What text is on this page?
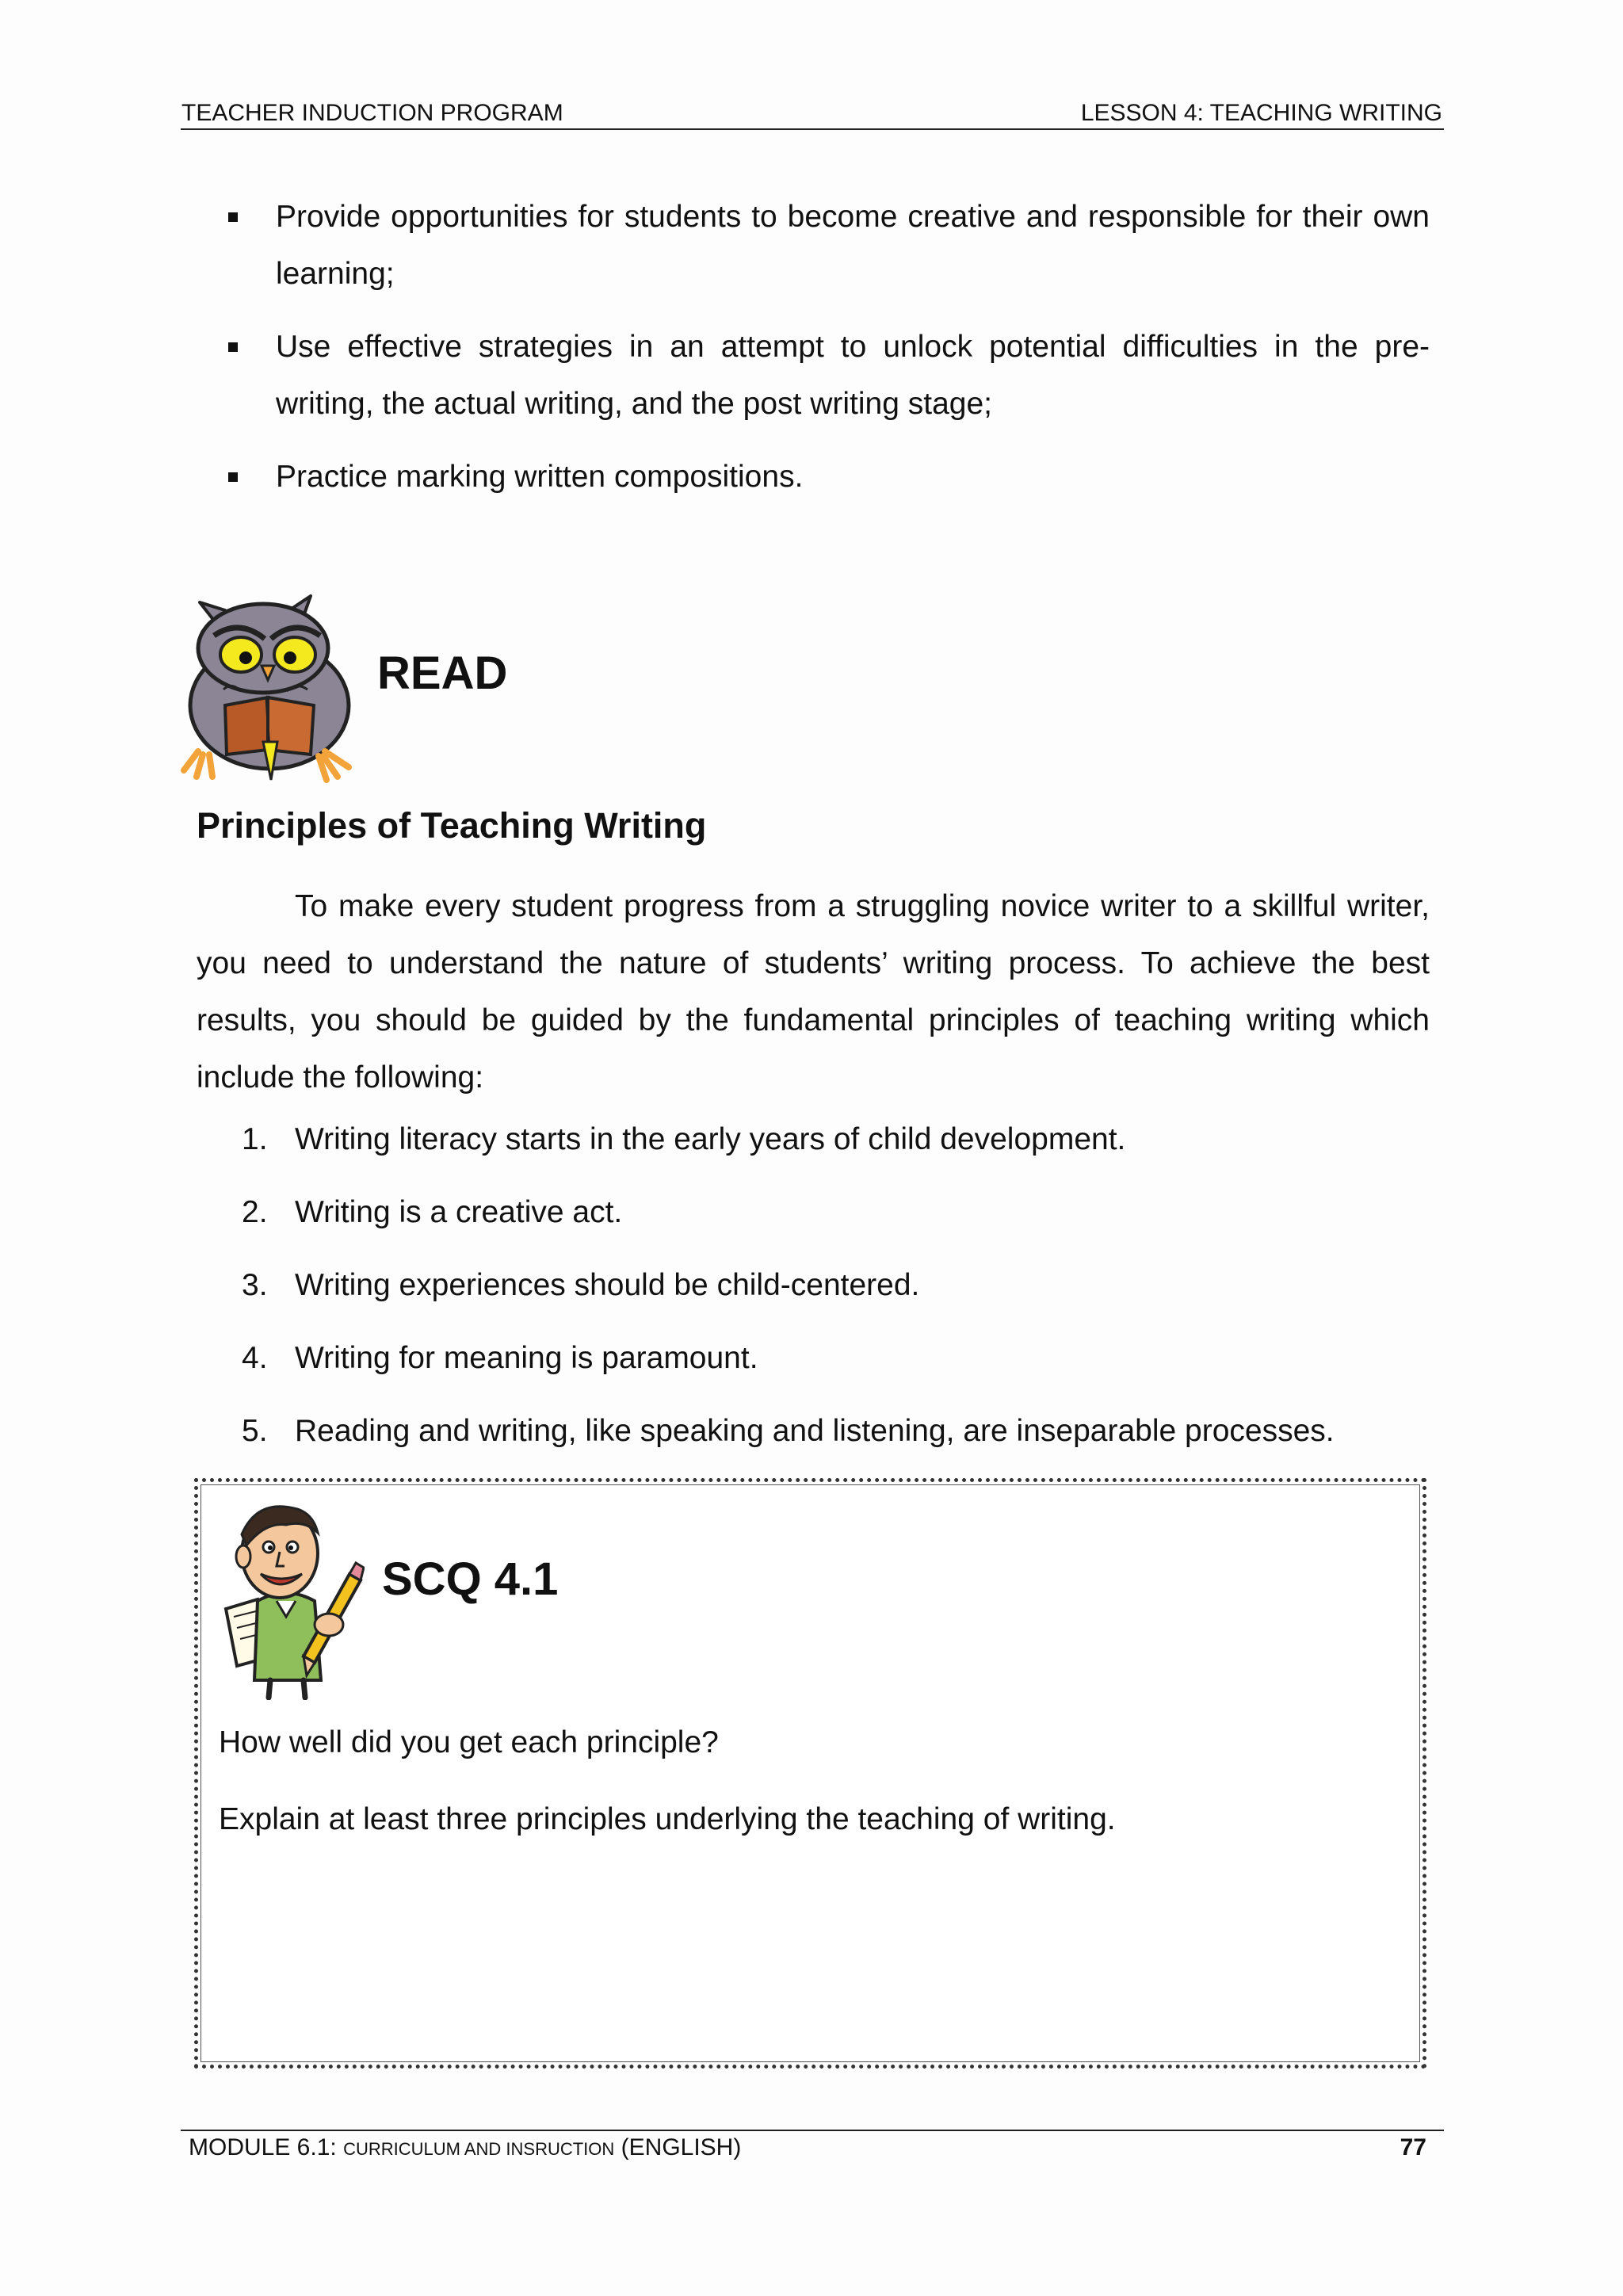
TEACHER INDUCTION PROGRAM	LESSON 4: TEACHING WRITING
Provide opportunities for students to become creative and responsible for their own learning;
Use effective strategies in an attempt to unlock potential difficulties in the pre-writing, the actual writing, and the post writing stage;
Practice marking written compositions.
READ
Principles of Teaching Writing
To make every student progress from a struggling novice writer to a skillful writer, you need to understand the nature of students’ writing process. To achieve the best results, you should be guided by the fundamental principles of teaching writing which include the following:
1. Writing literacy starts in the early years of child development.
2. Writing is a creative act.
3. Writing experiences should be child-centered.
4. Writing for meaning is paramount.
5. Reading and writing, like speaking and listening, are inseparable processes.
SCQ 4.1
How well did you get each principle?
Explain at least three principles underlying the teaching of writing.
MODULE 6.1: CURRICULUM AND INSRUCTION (ENGLISH)	77
